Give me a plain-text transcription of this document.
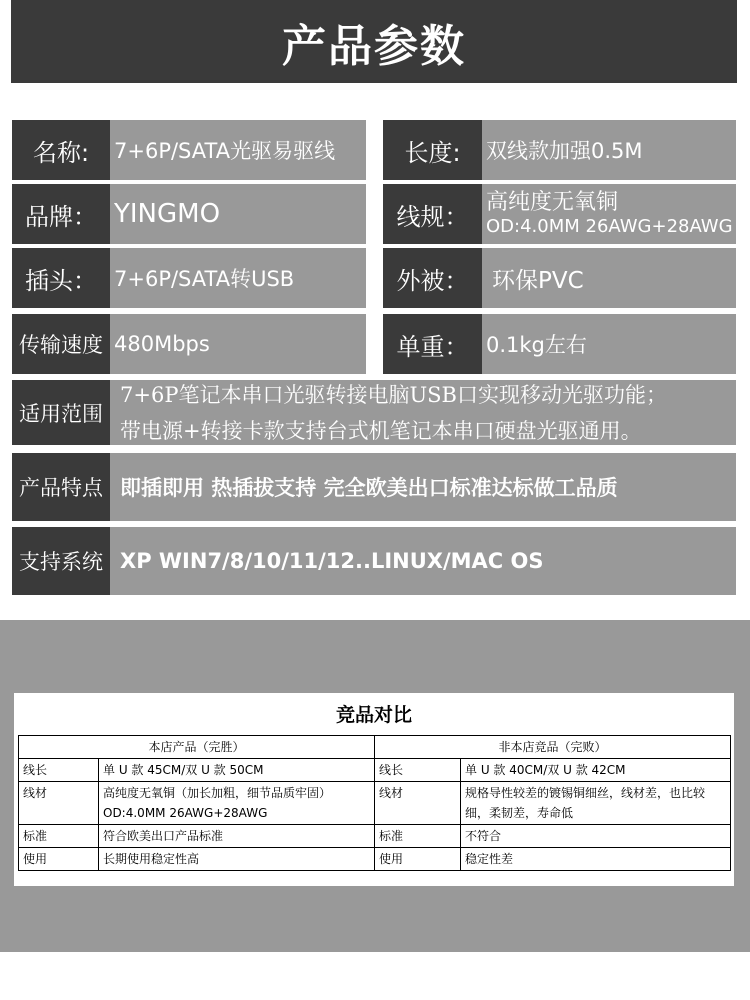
产品参数
名称:	7+6P/SATA光驱易驱线	长度:	双线款加强0.5M
品牌： YINGMO	线规： 高纯度无氧铜
OD:4.0MM 26AWG+28AWG
插头： 7+6P/SATA转USB	外被：	环保PVC
传输速度 480Mbps	单重： 0.1kg左右
适用范围
7+6P笔记本串口光驱转接电脑USB口实现移动光驱功能；
带电源+转接卡款支持台式机笔记本串口硬盘光驱通用。
产品特点 即插即用 热插拔支持 完全欧美出口标准达标做工品质
支持系统 XP WIN7/8/10/11/12..LINUX/MAC OS
竞品对比
本店产品（完胜）		非本店竞品（完败）	
线长	单 U 款 45CM/双 U 款 50CM	线长	单 U 款 40CM/双 U 款 42CM
线材	高纯度无氧铜（加长加粗，细节品质牢固）OD:4.0MM 26AWG+28AWG	线材	规格导性较差的镀锡铜细丝，线材差，也比较细，柔韧差，寿命低
标准	符合欧美出口产品标准	标准	不符合
使用	长期使用稳定性高	使用	稳定性差
